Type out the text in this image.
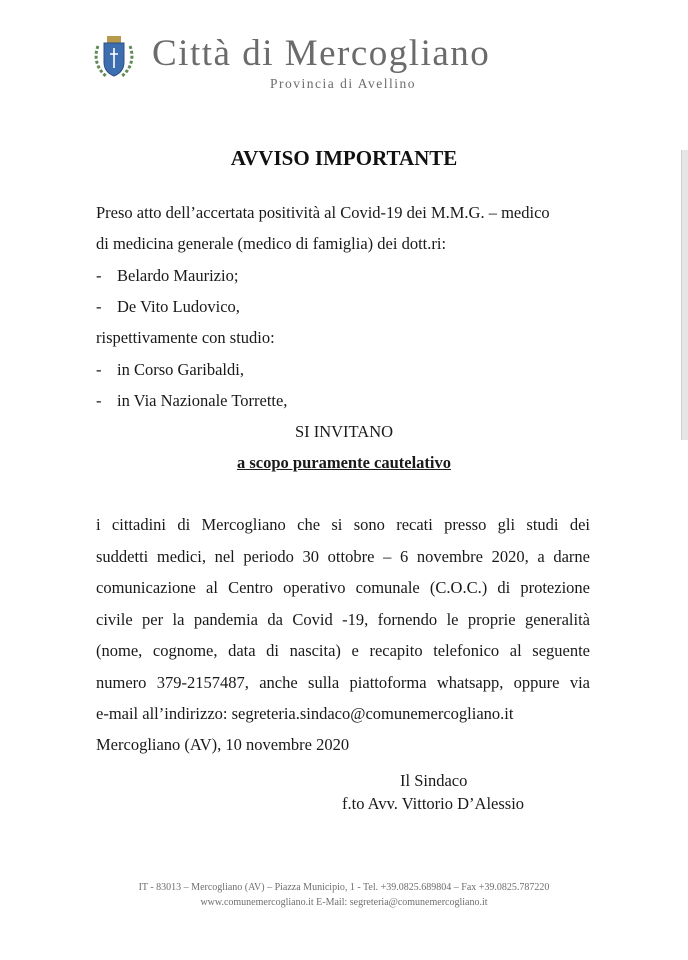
Città di Mercogliano
Provincia di Avellino
AVVISO IMPORTANTE
Preso atto dell’accertata positività al Covid-19 dei M.M.G. – medico
di medicina generale (medico di famiglia) dei dott.ri:
- Belardo Maurizio;
- De Vito Ludovico,
rispettivamente con studio:
- in Corso Garibaldi,
- in Via Nazionale Torrette,
SI INVITANO
a scopo puramente cautelativo
i cittadini di Mercogliano che si sono recati presso gli studi dei
suddetti medici, nel periodo 30 ottobre – 6 novembre 2020, a darne
comunicazione al Centro operativo comunale (C.O.C.) di protezione
civile per la pandemia da Covid -19, fornendo le proprie generalità
(nome, cognome, data di nascita) e recapito telefonico al seguente
numero 379-2157487, anche sulla piattoforma whatsapp, oppure via
e-mail all’indirizzo: segreteria.sindaco@comunemercogliano.it
Mercogliano (AV), 10 novembre 2020
Il Sindaco
f.to Avv. Vittorio D’Alessio
IT - 83013 – Mercogliano (AV) – Piazza Municipio, 1 - Tel. +39.0825.689804 – Fax +39.0825.787220
www.comunemercogliano.it E-Mail: segreteria@comunemercogliano.it
